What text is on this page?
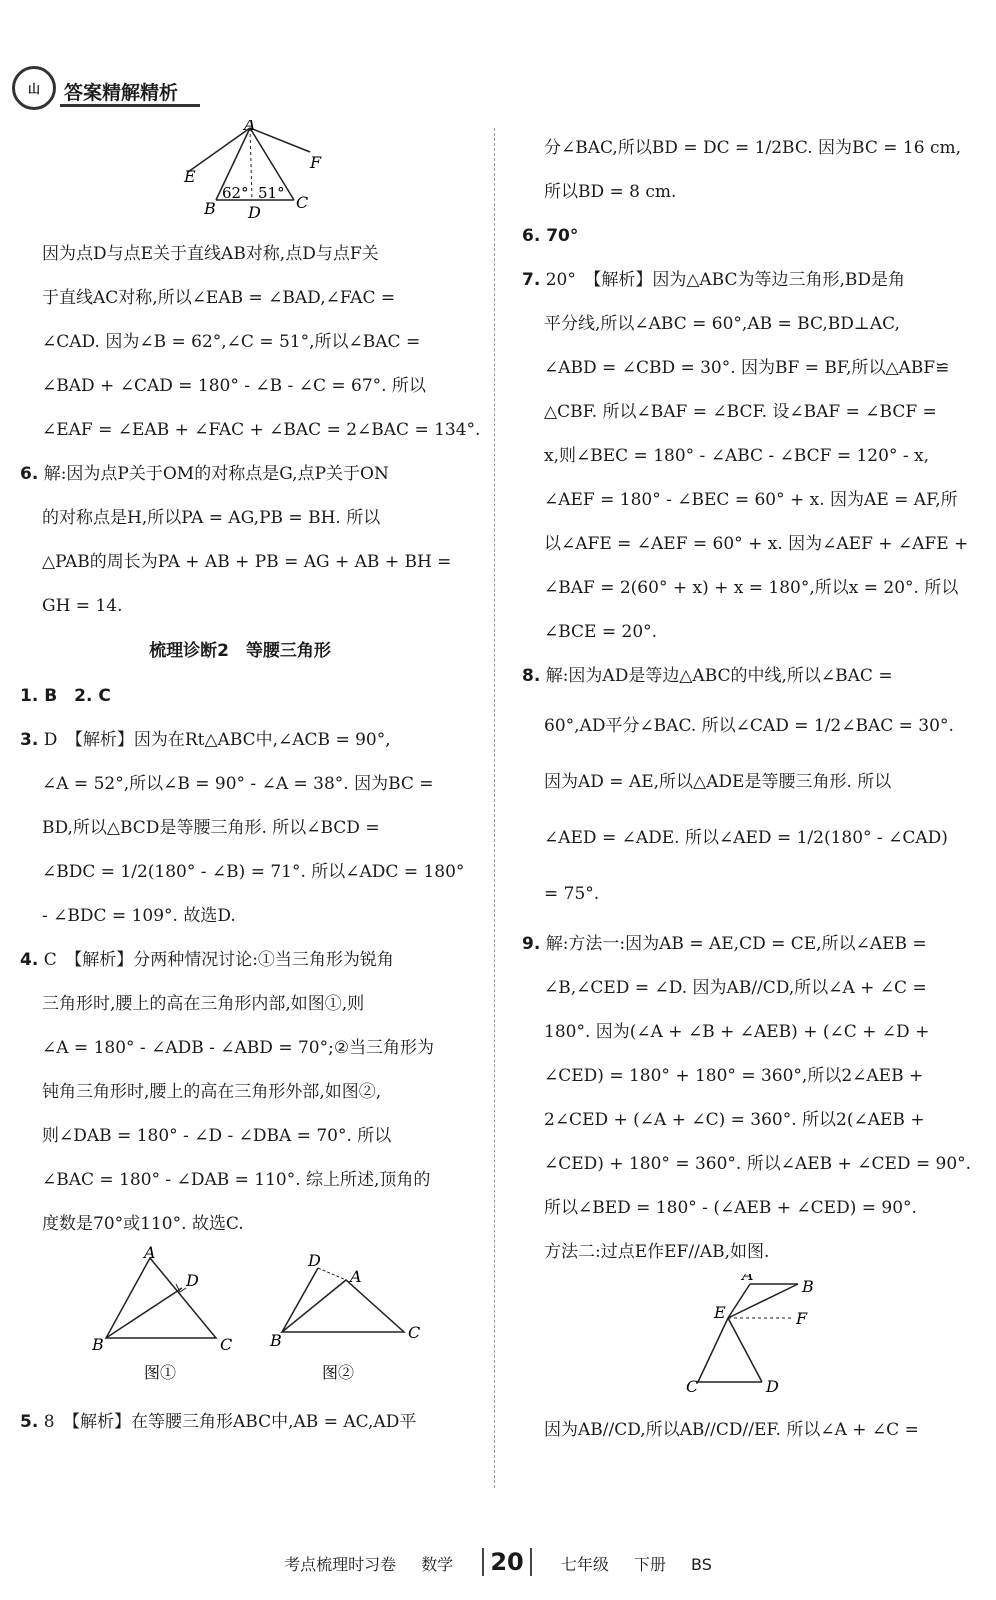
山 答案精解精析
A
E
F
B D
C
62° 51°

因为点D与点E关于直线AB对称,点D与点F关

于直线AC对称,所以∠EAB = ∠BAD,∠FAC =

∠CAD. 因为∠B = 62°,∠C = 51°,所以∠BAC =

∠BAD + ∠CAD = 180° - ∠B - ∠C = 67°. 所以

∠EAF = ∠EAB + ∠FAC + ∠BAC = 2∠BAC = 134°.

6. 解:因为点P关于OM的对称点是G,点P关于ON

的对称点是H,所以PA = AG,PB = BH. 所以

△PAB的周长为PA + AB + PB = AG + AB + BH =

GH = 14.

梳理诊断2　等腰三角形

1. B　2. C

3. D　【解析】因为在Rt△ABC中,∠ACB = 90°,

∠A = 52°,所以∠B = 90° - ∠A = 38°. 因为BC =

BD,所以△BCD是等腰三角形. 所以∠BCD =

∠BDC = 1/2(180° - ∠B) = 71°. 所以∠ADC = 180°

- ∠BDC = 109°. 故选D.

4. C　【解析】分两种情况讨论:①当三角形为锐角

三角形时,腰上的高在三角形内部,如图①,则

∠A = 180° - ∠ADB - ∠ABD = 70°;②当三角形为

钝角三角形时,腰上的高在三角形外部,如图②,

则∠DAB = 180° - ∠D - ∠DBA = 70°. 所以

∠BAC = 180° - ∠DAB = 110°. 综上所述,顶角的

度数是70°或110°. 故选C.

A
D
B	C
图①
D
A
B	C
图②

5. 8　【解析】在等腰三角形ABC中,AB = AC,AD平

分∠BAC,所以BD = DC = 1/2BC. 因为BC = 16 cm,

所以BD = 8 cm.

6. 70°

7. 20°　【解析】因为△ABC为等边三角形,BD是角

平分线,所以∠ABC = 60°,AB = BC,BD⊥AC,

∠ABD = ∠CBD = 30°. 因为BF = BF,所以△ABF≌

△CBF. 所以∠BAF = ∠BCF. 设∠BAF = ∠BCF =

x,则∠BEC = 180° - ∠ABC - ∠BCF = 120° - x,

∠AEF = 180° - ∠BEC = 60° + x. 因为AE = AF,所

以∠AFE = ∠AEF = 60° + x. 因为∠AEF + ∠AFE +

∠BAF = 2(60° + x) + x = 180°,所以x = 20°. 所以

∠BCE = 20°.

8. 解:因为AD是等边△ABC的中线,所以∠BAC =

60°,AD平分∠BAC. 所以∠CAD = 1/2∠BAC = 30°.

因为AD = AE,所以△ADE是等腰三角形. 所以

∠AED = ∠ADE. 所以∠AED = 1/2(180° - ∠CAD)

= 75°.

9. 解:方法一:因为AB = AE,CD = CE,所以∠AEB =

∠B,∠CED = ∠D. 因为AB//CD,所以∠A + ∠C =

180°. 因为(∠A + ∠B + ∠AEB) + (∠C + ∠D +

∠CED) = 180° + 180° = 360°,所以2∠AEB +

2∠CED + (∠A + ∠C) = 360°. 所以2(∠AEB +

∠CED) + 180° = 360°. 所以∠AEB + ∠CED = 90°.

所以∠BED = 180° - (∠AEB + ∠CED) = 90°.

方法二:过点E作EF//AB,如图.

A
B
E	F
C	D

因为AB//CD,所以AB//CD//EF. 所以∠A + ∠C =

考点梳理时习卷 数学 20 七年级 下册 BS
